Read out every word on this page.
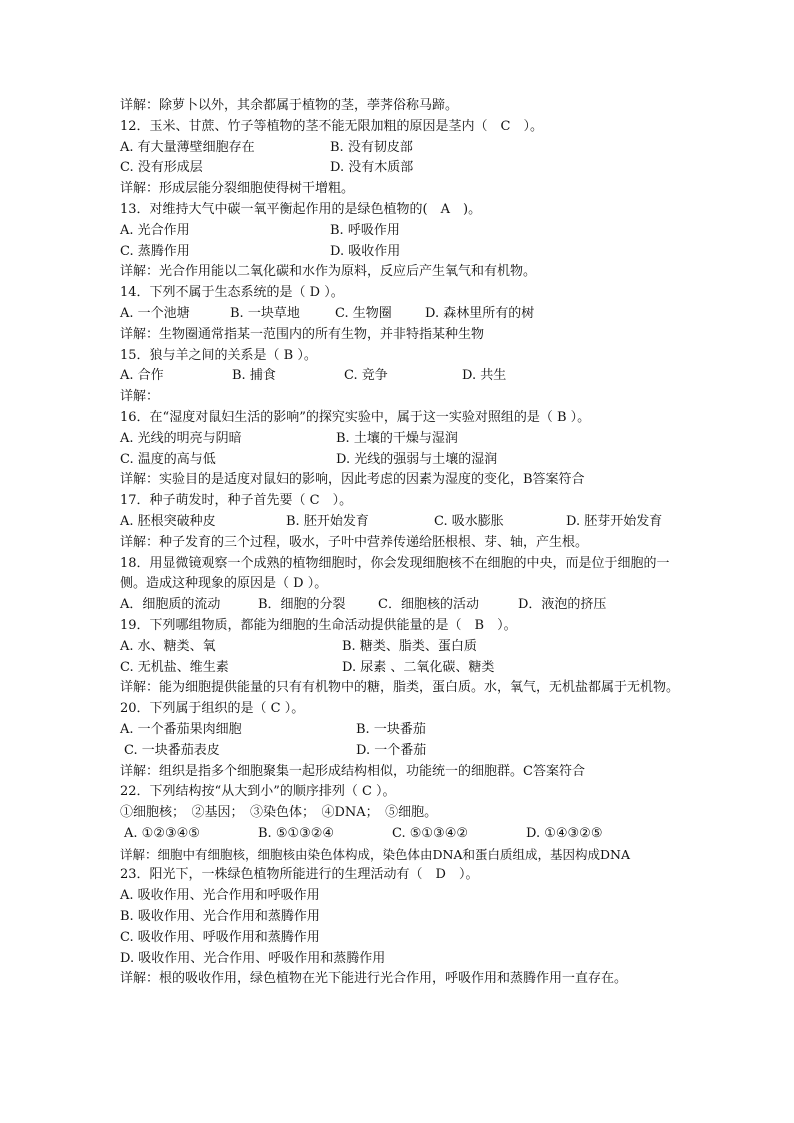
详解：除萝卜以外，其余都属于植物的茎，荸荠俗称马蹄。
12．玉米、甘蔗、竹子等植物的茎不能无限加粗的原因是茎内（　C　）。
A. 有大量薄壁细胞存在	B. 没有韧皮部
C. 没有形成层	D. 没有木质部
详解：形成层能分裂细胞使得树干增粗。
13．对维持大气中碳一氧平衡起作用的是绿色植物的(　A　)。
A. 光合作用	B. 呼吸作用
C. 蒸腾作用	D. 吸收作用
详解：光合作用能以二氧化碳和水作为原料，反应后产生氧气和有机物。
14．下列不属于生态系统的是（ D ）。
A. 一个池塘	B. 一块草地	C. 生物圈	D. 森林里所有的树
详解：生物圈通常指某一范围内的所有生物，并非特指某种生物
15．狼与羊之间的关系是（ B ）。
A. 合作	B. 捕食	C. 竞争	D. 共生
详解：
16．在“湿度对鼠妇生活的影响”的探究实验中，属于这一实验对照组的是（ B ）。
A. 光线的明亮与阴暗	B. 土壤的干燥与湿润
C. 温度的高与低	D. 光线的强弱与土壤的湿润
详解：实验目的是适度对鼠妇的影响，因此考虑的因素为湿度的变化，B答案符合
17．种子萌发时，种子首先要（ C　）。
A. 胚根突破种皮	B. 胚开始发育	C. 吸水膨胀	D. 胚芽开始发育
详解：种子发育的三个过程，吸水，子叶中营养传递给胚根根、芽、轴，产生根。
18．用显微镜观察一个成熟的植物细胞时，你会发现细胞核不在细胞的中央，而是位于细胞的一侧。造成这种现象的原因是（ D ）。
A．细胞质的流动	B．细胞的分裂	C．细胞核的活动	D．液泡的挤压
19．下列哪组物质，都能为细胞的生命活动提供能量的是（　B　）。
A. 水、糖类、氧	B. 糖类、脂类、蛋白质
C. 无机盐、维生素	D. 尿素 、二氧化碳、糖类
详解：能为细胞提供能量的只有有机物中的糖，脂类，蛋白质。水，氧气，无机盐都属于无机物。
20．下列属于组织的是（ C ）。
A. 一个番茄果肉细胞	B. 一块番茄
C. 一块番茄表皮	D. 一个番茄
详解：组织是指多个细胞聚集一起形成结构相似，功能统一的细胞群。C答案符合
22．下列结构按“从大到小”的顺序排列（ C ）。
①细胞核；　②基因；　③染色体；　④DNA；　⑤细胞。
A. ①②③④⑤	B. ⑤①③②④	C. ⑤①③④②	D. ①④③②⑤
详解：细胞中有细胞核，细胞核由染色体构成，染色体由DNA和蛋白质组成，基因构成DNA
23．阳光下，一株绿色植物所能进行的生理活动有（　D　）。
A. 吸收作用、光合作用和呼吸作用
B. 吸收作用、光合作用和蒸腾作用
C. 吸收作用、呼吸作用和蒸腾作用
D. 吸收作用、光合作用、呼吸作用和蒸腾作用
详解：根的吸收作用，绿色植物在光下能进行光合作用，呼吸作用和蒸腾作用一直存在。
